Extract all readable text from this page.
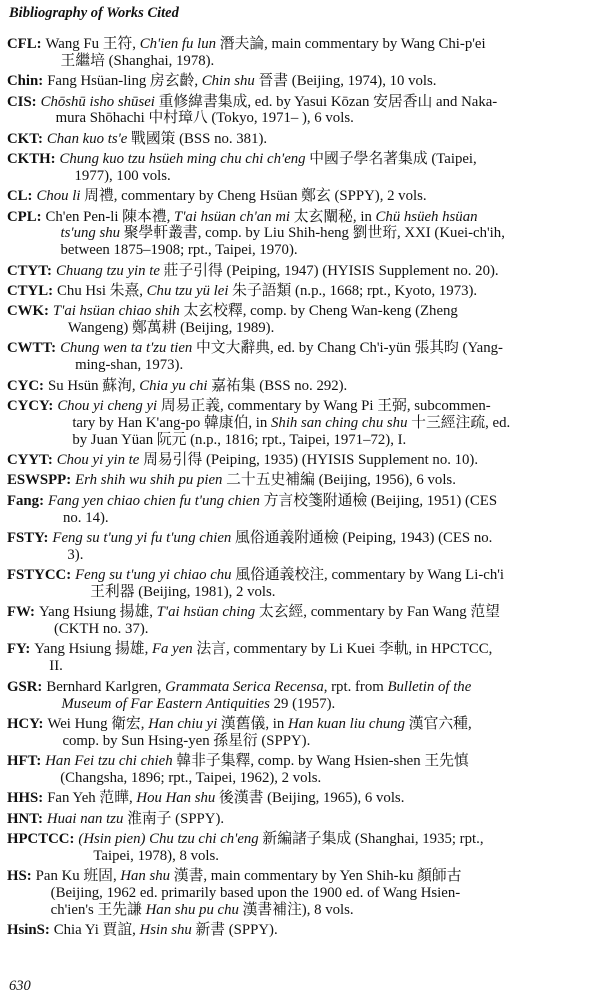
Bibliography of Works Cited
CFL: Wang Fu 王符, Ch'ien fu lun 潛夫論, main commentary by Wang Chi-p'ei
王繼培 (Shanghai, 1978).
Chin: Fang Hsüan-ling 房玄齡, Chin shu 晉書 (Beijing, 1974), 10 vols.
CIS: Chōshū isho shūsei 重修緯書集成, ed. by Yasui Kōzan 安居香山 and Naka-
mura Shōhachi 中村璋八 (Tokyo, 1971– ), 6 vols.
CKT: Chan kuo ts'e 戰國策 (BSS no. 381).
CKTH: Chung kuo tzu hsüeh ming chu chi ch'eng 中國子學名著集成 (Taipei,
1977), 100 vols.
CL: Chou li 周禮, commentary by Cheng Hsüan 鄭玄 (SPPY), 2 vols.
CPL: Ch'en Pen-li 陳本禮, T'ai hsüan ch'an mi 太玄闡秘, in Chü hsüeh hsüan
ts'ung shu 聚學軒叢書, comp. by Liu Shih-heng 劉世珩, XXI (Kuei-ch'ih,
between 1875–1908; rpt., Taipei, 1970).
CTYT: Chuang tzu yin te 莊子引得 (Peiping, 1947) (HYISIS Supplement no. 20).
CTYL: Chu Hsi 朱熹, Chu tzu yü lei 朱子語類 (n.p., 1668; rpt., Kyoto, 1973).
CWK: T'ai hsüan chiao shih 太玄校釋, comp. by Cheng Wan-keng (Zheng
Wangeng) 鄭萬耕 (Beijing, 1989).
CWTT: Chung wen ta t'zu tien 中文大辭典, ed. by Chang Ch'i-yün 張其昀 (Yang-
ming-shan, 1973).
CYC: Su Hsün 蘇洵, Chia yu chi 嘉祐集 (BSS no. 292).
CYCY: Chou yi cheng yi 周易正義, commentary by Wang Pi 王弼, subcommen-
tary by Han K'ang-po 韓康伯, in Shih san ching chu shu 十三經注疏, ed.
by Juan Yüan 阮元 (n.p., 1816; rpt., Taipei, 1971–72), I.
CYYT: Chou yi yin te 周易引得 (Peiping, 1935) (HYISIS Supplement no. 10).
ESWSPP: Erh shih wu shih pu pien 二十五史補編 (Beijing, 1956), 6 vols.
Fang: Fang yen chiao chien fu t'ung chien 方言校箋附通檢 (Beijing, 1951) (CES
no. 14).
FSTY: Feng su t'ung yi fu t'ung chien 風俗通義附通檢 (Peiping, 1943) (CES no.
3).
FSTYCC: Feng su t'ung yi chiao chu 風俗通義校注, commentary by Wang Li-ch'i
王利器 (Beijing, 1981), 2 vols.
FW: Yang Hsiung 揚雄, T'ai hsüan ching 太玄經, commentary by Fan Wang 范望
(CKTH no. 37).
FY: Yang Hsiung 揚雄, Fa yen 法言, commentary by Li Kuei 李軌, in HPCTCC,
II.
GSR: Bernhard Karlgren, Grammata Serica Recensa, rpt. from Bulletin of the
Museum of Far Eastern Antiquities 29 (1957).
HCY: Wei Hung 衛宏, Han chiu yi 漢舊儀, in Han kuan liu chung 漢官六種,
comp. by Sun Hsing-yen 孫星衍 (SPPY).
HFT: Han Fei tzu chi chieh 韓非子集釋, comp. by Wang Hsien-shen 王先慎
(Changsha, 1896; rpt., Taipei, 1962), 2 vols.
HHS: Fan Yeh 范曄, Hou Han shu 後漢書 (Beijing, 1965), 6 vols.
HNT: Huai nan tzu 淮南子 (SPPY).
HPCTCC: (Hsin pien) Chu tzu chi ch'eng 新編諸子集成 (Shanghai, 1935; rpt.,
Taipei, 1978), 8 vols.
HS: Pan Ku 班固, Han shu 漢書, main commentary by Yen Shih-ku 顏師古
(Beijing, 1962 ed. primarily based upon the 1900 ed. of Wang Hsien-
ch'ien's 王先謙 Han shu pu chu 漢書補注), 8 vols.
HsinS: Chia Yi 賈誼, Hsin shu 新書 (SPPY).
630
